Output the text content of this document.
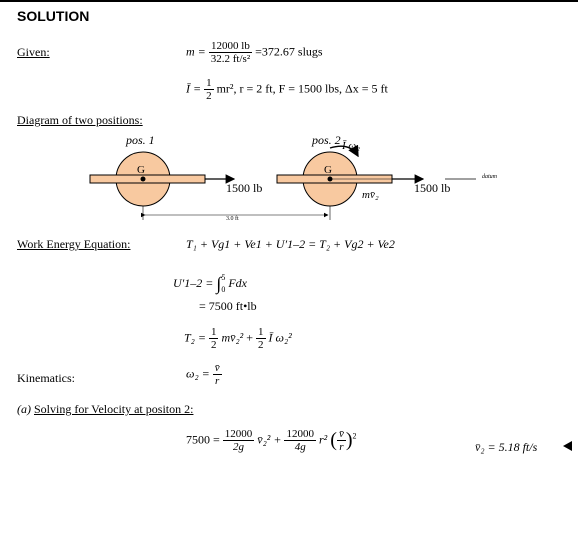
SOLUTION
Given:	$m = \frac{12000 lb}{\text{32.2 ft/s²}} =372.67$ slugs
Ī = $\frac{1}{2} mr^2$, r = 2 ft, F = 1500 lbs, Δx = 5 ft
Diagram of two positions:
pos. 1	pos. 2
G	G
1500 lb	1500 lb
Ī ω₂
mv̄₂
datum
3.0 ft
Work Energy Equation:	T₁ + Vg1 + Ve1 + U′1–2 = T₂ + Vg2 + Ve2
U′1–2 = ∫ 5
0 Fdx
= 7500 ft•lb
$T_2 = \frac{1}{2}$ mv̄₂² + $\frac{1}{2}$ Ī ω₂²
Kinematics:	$\omega_2 = \frac{v̄}{r}$
(a) Solving for Velocity at positon 2:
$7500 = \frac{12000}{2g}$ v̄₂² + $\frac{12000}{4g} r^2$ ( $\frac{v̄}{r} )^2$
v̄₂ = 5.18 ft/s
